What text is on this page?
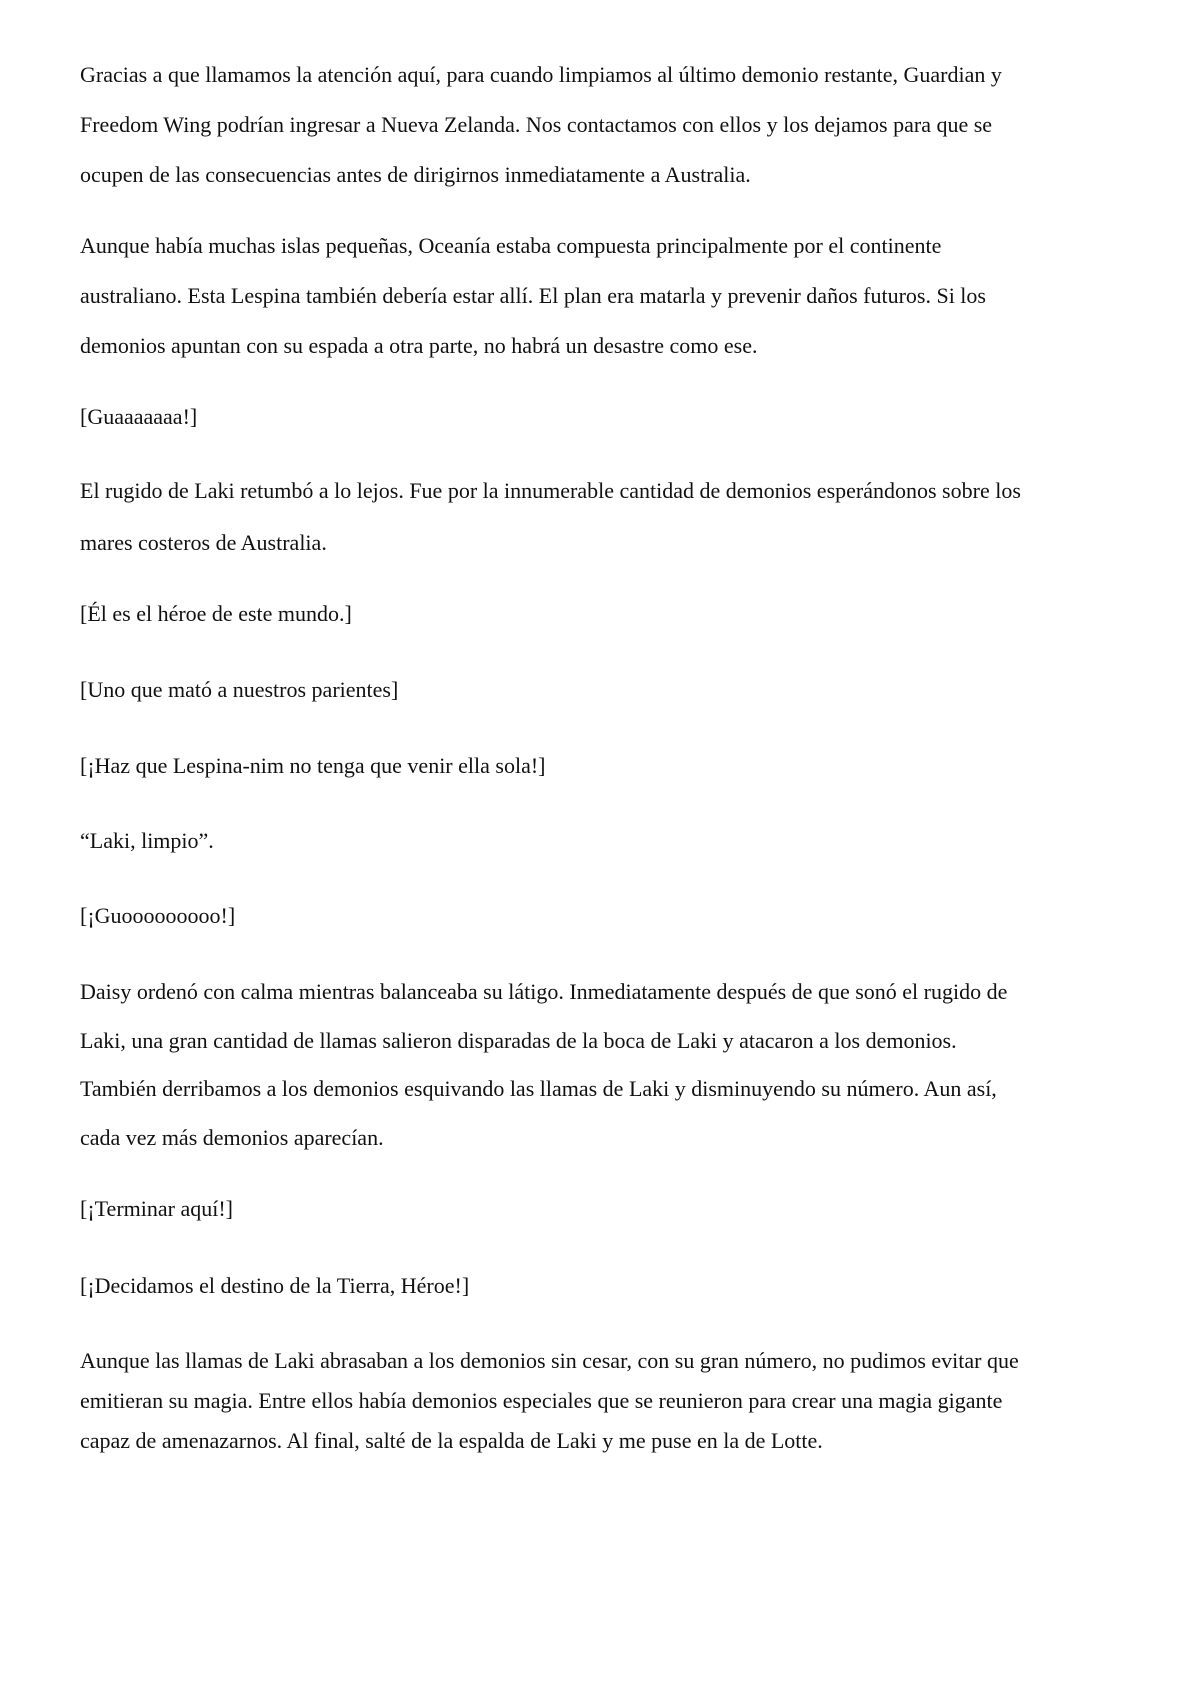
Gracias a que llamamos la atención aquí, para cuando limpiamos al último demonio restante, Guardian y
Freedom Wing podrían ingresar a Nueva Zelanda. Nos contactamos con ellos y los dejamos para que se
ocupen de las consecuencias antes de dirigirnos inmediatamente a Australia.
Aunque había muchas islas pequeñas, Oceanía estaba compuesta principalmente por el continente
australiano. Esta Lespina también debería estar allí. El plan era matarla y prevenir daños futuros. Si los
demonios apuntan con su espada a otra parte, no habrá un desastre como ese.
[Guaaaaaaa!]
El rugido de Laki retumbó a lo lejos. Fue por la innumerable cantidad de demonios esperándonos sobre los
mares costeros de Australia.
[Él es el héroe de este mundo.]
[Uno que mató a nuestros parientes]
[¡Haz que Lespina-nim no tenga que venir ella sola!]
“Laki, limpio”.
[¡Guooooooooo!]
Daisy ordenó con calma mientras balanceaba su látigo. Inmediatamente después de que sonó el rugido de
Laki, una gran cantidad de llamas salieron disparadas de la boca de Laki y atacaron a los demonios.
También derribamos a los demonios esquivando las llamas de Laki y disminuyendo su número. Aun así,
cada vez más demonios aparecían.
[¡Terminar aquí!]
[¡Decidamos el destino de la Tierra, Héroe!]
Aunque las llamas de Laki abrasaban a los demonios sin cesar, con su gran número, no pudimos evitar que
emitieran su magia. Entre ellos había demonios especiales que se reunieron para crear una magia gigante
capaz de amenazarnos. Al final, salté de la espalda de Laki y me puse en la de Lotte.
